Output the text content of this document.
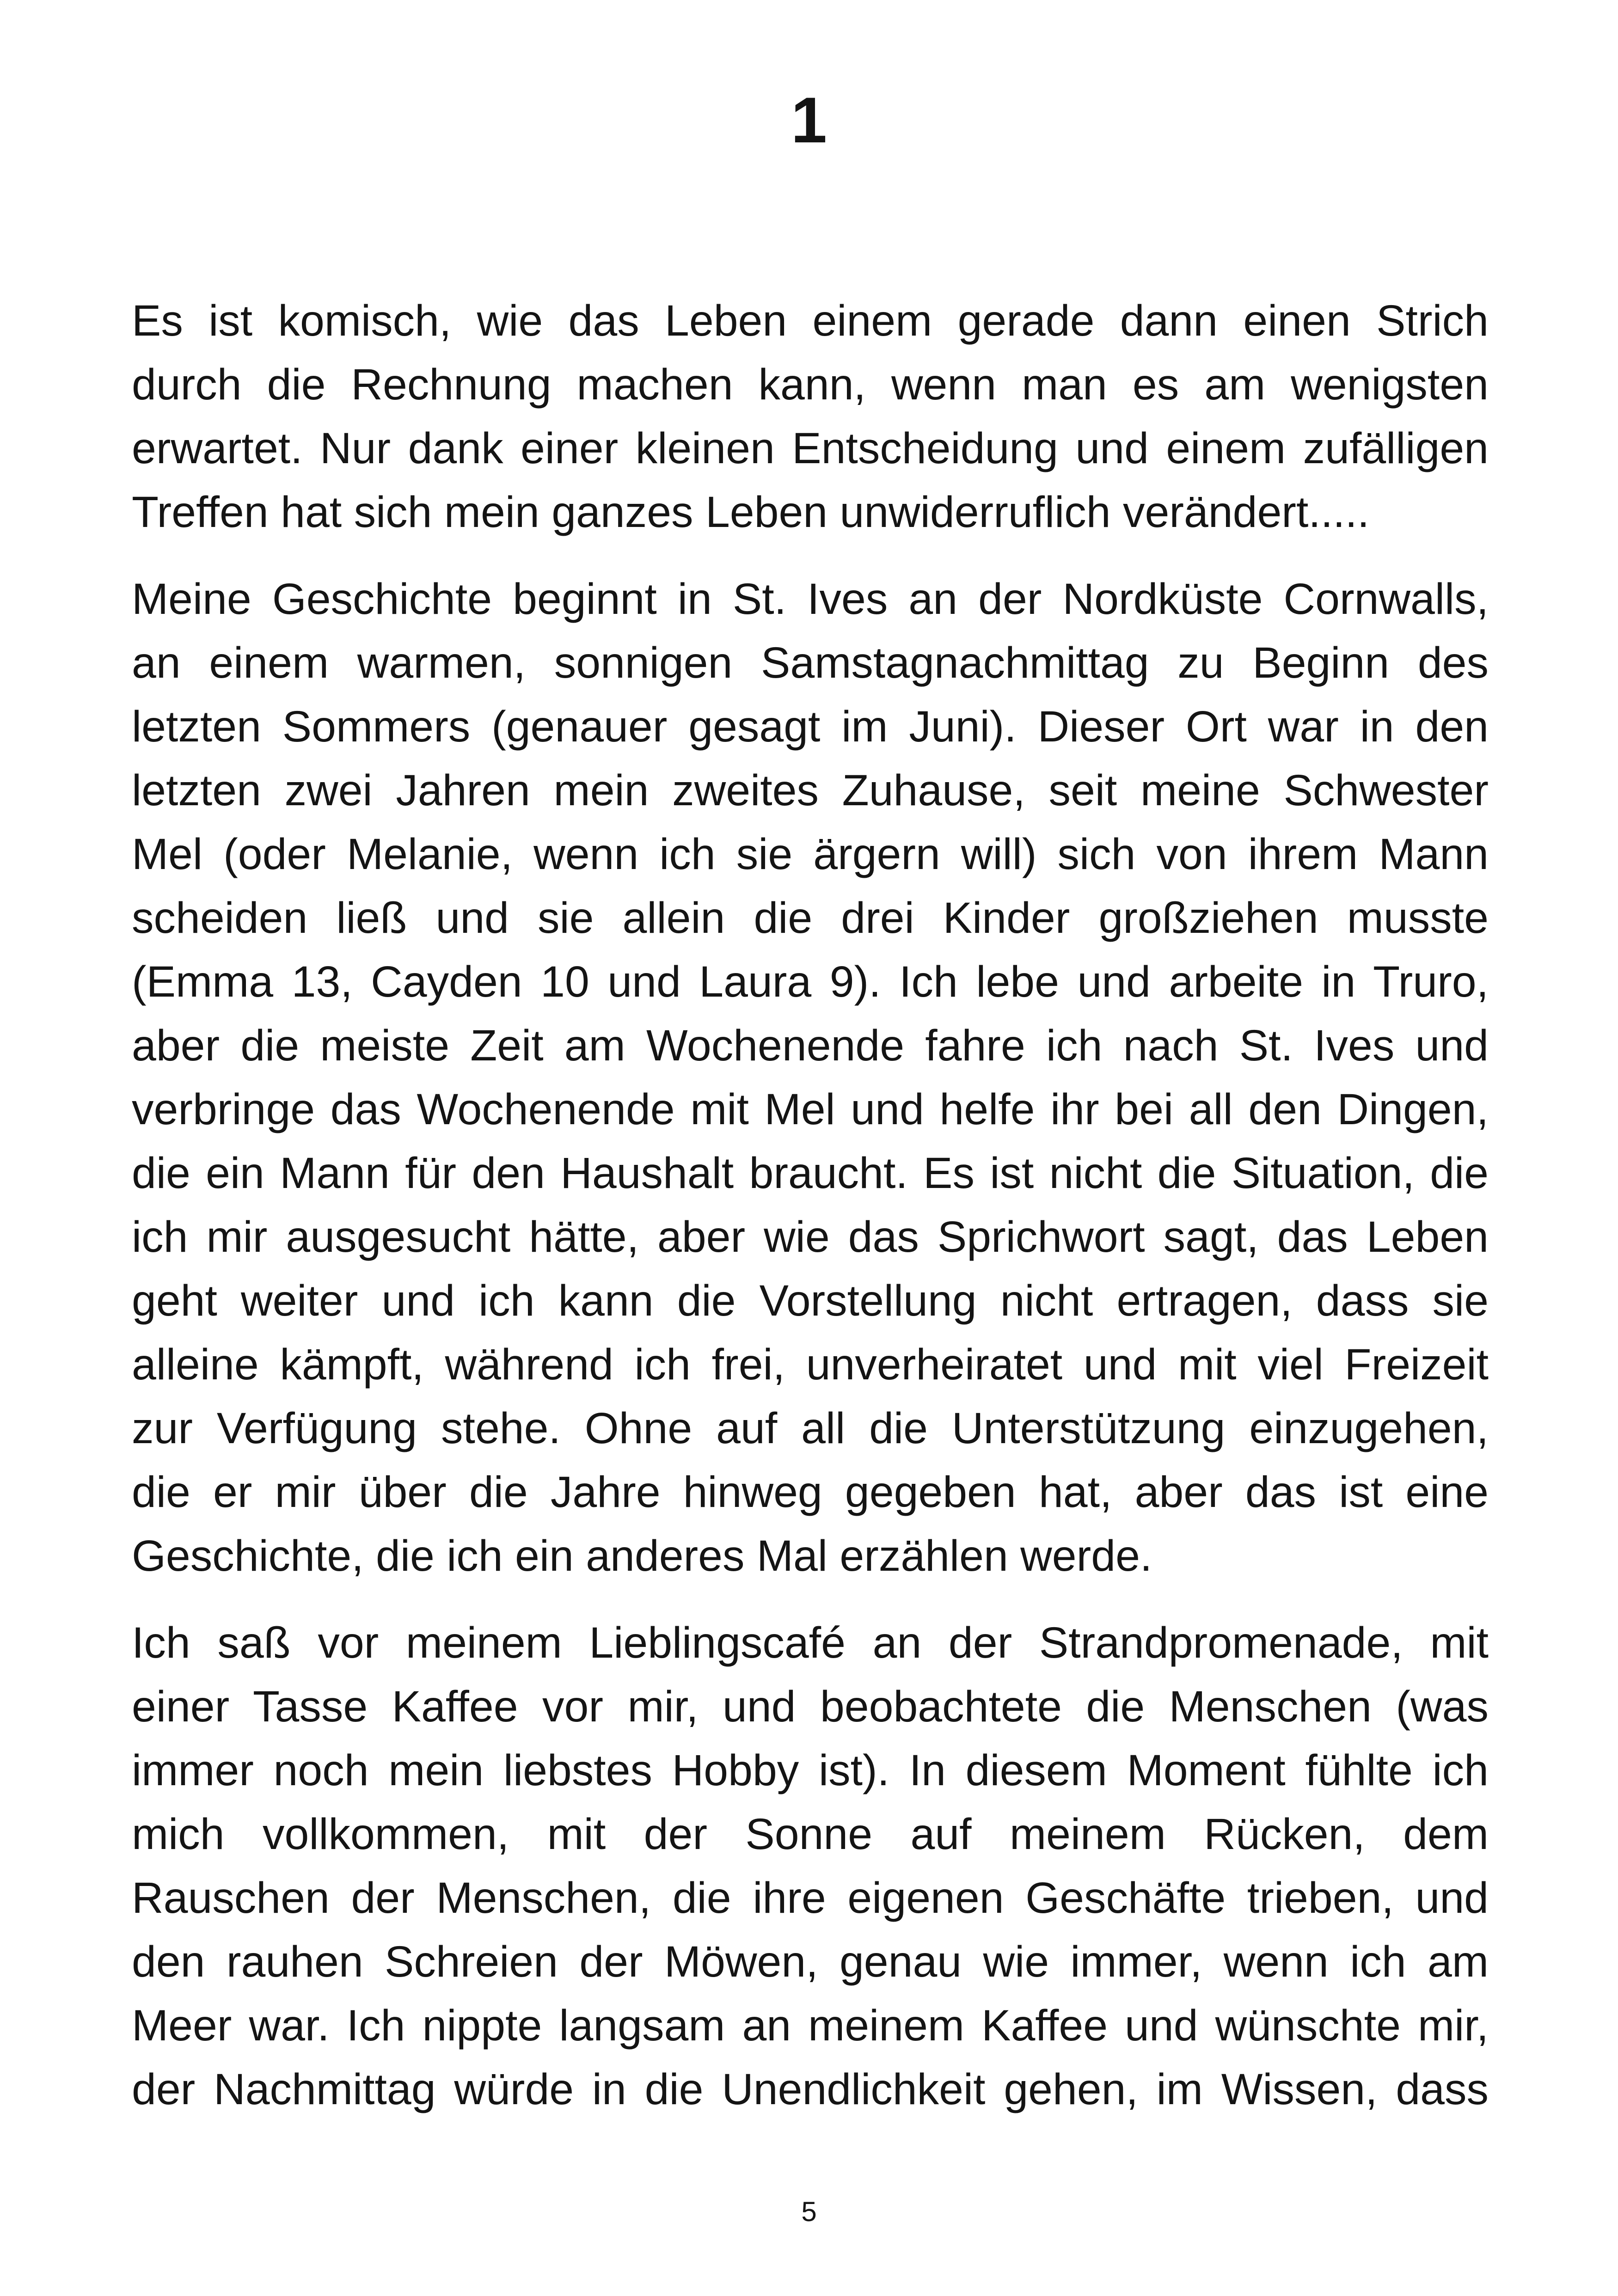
1
Es ist komisch, wie das Leben einem gerade dann einen Strich
durch die Rechnung machen kann, wenn man es am wenigsten
erwartet. Nur dank einer kleinen Entscheidung und einem zufälligen
Treffen hat sich mein ganzes Leben unwiderruflich verändert.....
Meine Geschichte beginnt in St. Ives an der Nordküste Cornwalls,
an einem warmen, sonnigen Samstagnachmittag zu Beginn des
letzten Sommers (genauer gesagt im Juni). Dieser Ort war in den
letzten zwei Jahren mein zweites Zuhause, seit meine Schwester
Mel (oder Melanie, wenn ich sie ärgern will) sich von ihrem Mann
scheiden ließ und sie allein die drei Kinder großziehen musste
(Emma 13, Cayden 10 und Laura 9). Ich lebe und arbeite in Truro,
aber die meiste Zeit am Wochenende fahre ich nach St. Ives und
verbringe das Wochenende mit Mel und helfe ihr bei all den Dingen,
die ein Mann für den Haushalt braucht. Es ist nicht die Situation, die
ich mir ausgesucht hätte, aber wie das Sprichwort sagt, das Leben
geht weiter und ich kann die Vorstellung nicht ertragen, dass sie
alleine kämpft, während ich frei, unverheiratet und mit viel Freizeit
zur Verfügung stehe. Ohne auf all die Unterstützung einzugehen,
die er mir über die Jahre hinweg gegeben hat, aber das ist eine
Geschichte, die ich ein anderes Mal erzählen werde.
Ich saß vor meinem Lieblingscafé an der Strandpromenade, mit
einer Tasse Kaffee vor mir, und beobachtete die Menschen (was
immer noch mein liebstes Hobby ist). In diesem Moment fühlte ich
mich vollkommen, mit der Sonne auf meinem Rücken, dem
Rauschen der Menschen, die ihre eigenen Geschäfte trieben, und
den rauhen Schreien der Möwen, genau wie immer, wenn ich am
Meer war. Ich nippte langsam an meinem Kaffee und wünschte mir,
der Nachmittag würde in die Unendlichkeit gehen, im Wissen, dass
5
